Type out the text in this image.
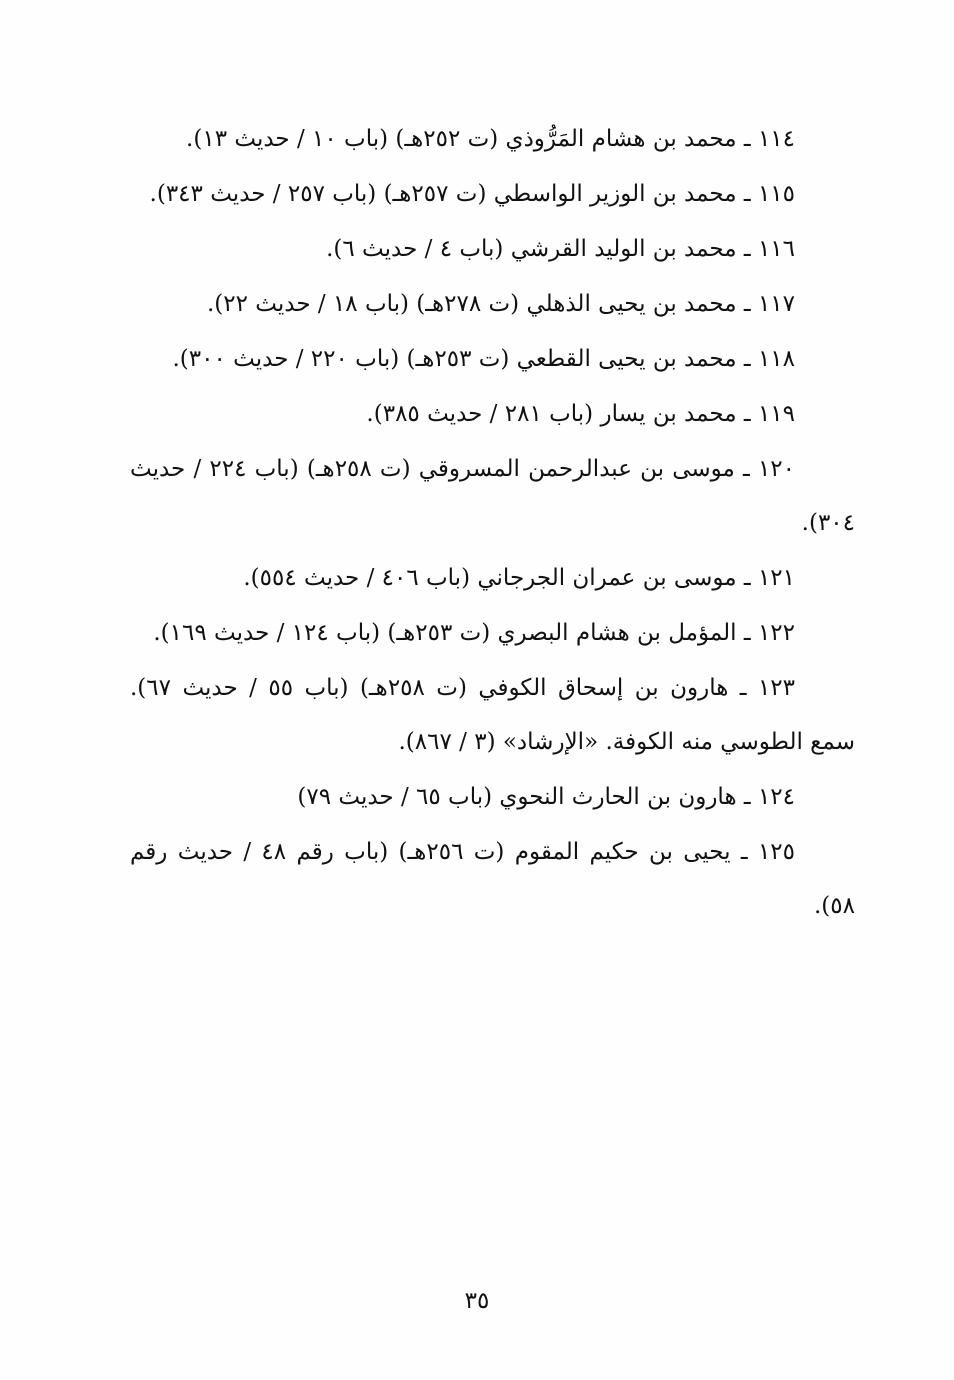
١١٤ ـ محمد بن هشام المَرُّوذي (ت ٢٥٢هـ) (باب ١٠ / حديث ١٣).

١١٥ ـ محمد بن الوزير الواسطي (ت ٢٥٧هـ) (باب ٢٥٧ / حديث ٣٤٣).

١١٦ ـ محمد بن الوليد القرشي (باب ٤ / حديث ٦).

١١٧ ـ محمد بن يحيى الذهلي (ت ٢٧٨هـ) (باب ١٨ / حديث ٢٢).

١١٨ ـ محمد بن يحيى القطعي (ت ٢٥٣هـ) (باب ٢٢٠ / حديث ٣٠٠).

١١٩ ـ محمد بن يسار (باب ٢٨١ / حديث ٣٨٥).

١٢٠ ـ موسى بن عبدالرحمن المسروقي (ت ٢٥٨هـ) (باب ٢٢٤ / حديث ٣٠٤).

١٢١ ـ موسى بن عمران الجرجاني (باب ٤٠٦ / حديث ٥٥٤).

١٢٢ ـ المؤمل بن هشام البصري (ت ٢٥٣هـ) (باب ١٢٤ / حديث ١٦٩).

١٢٣ ـ هارون بن إسحاق الكوفي (ت ٢٥٨هـ) (باب ٥٥ / حديث ٦٧). سمع الطوسي منه الكوفة. «الإرشاد» (٣ / ٨٦٧).

١٢٤ ـ هارون بن الحارث النحوي (باب ٦٥ / حديث ٧٩)

١٢٥ ـ يحيى بن حكيم المقوم (ت ٢٥٦هـ) (باب رقم ٤٨ / حديث رقم ٥٨).

٣٥
